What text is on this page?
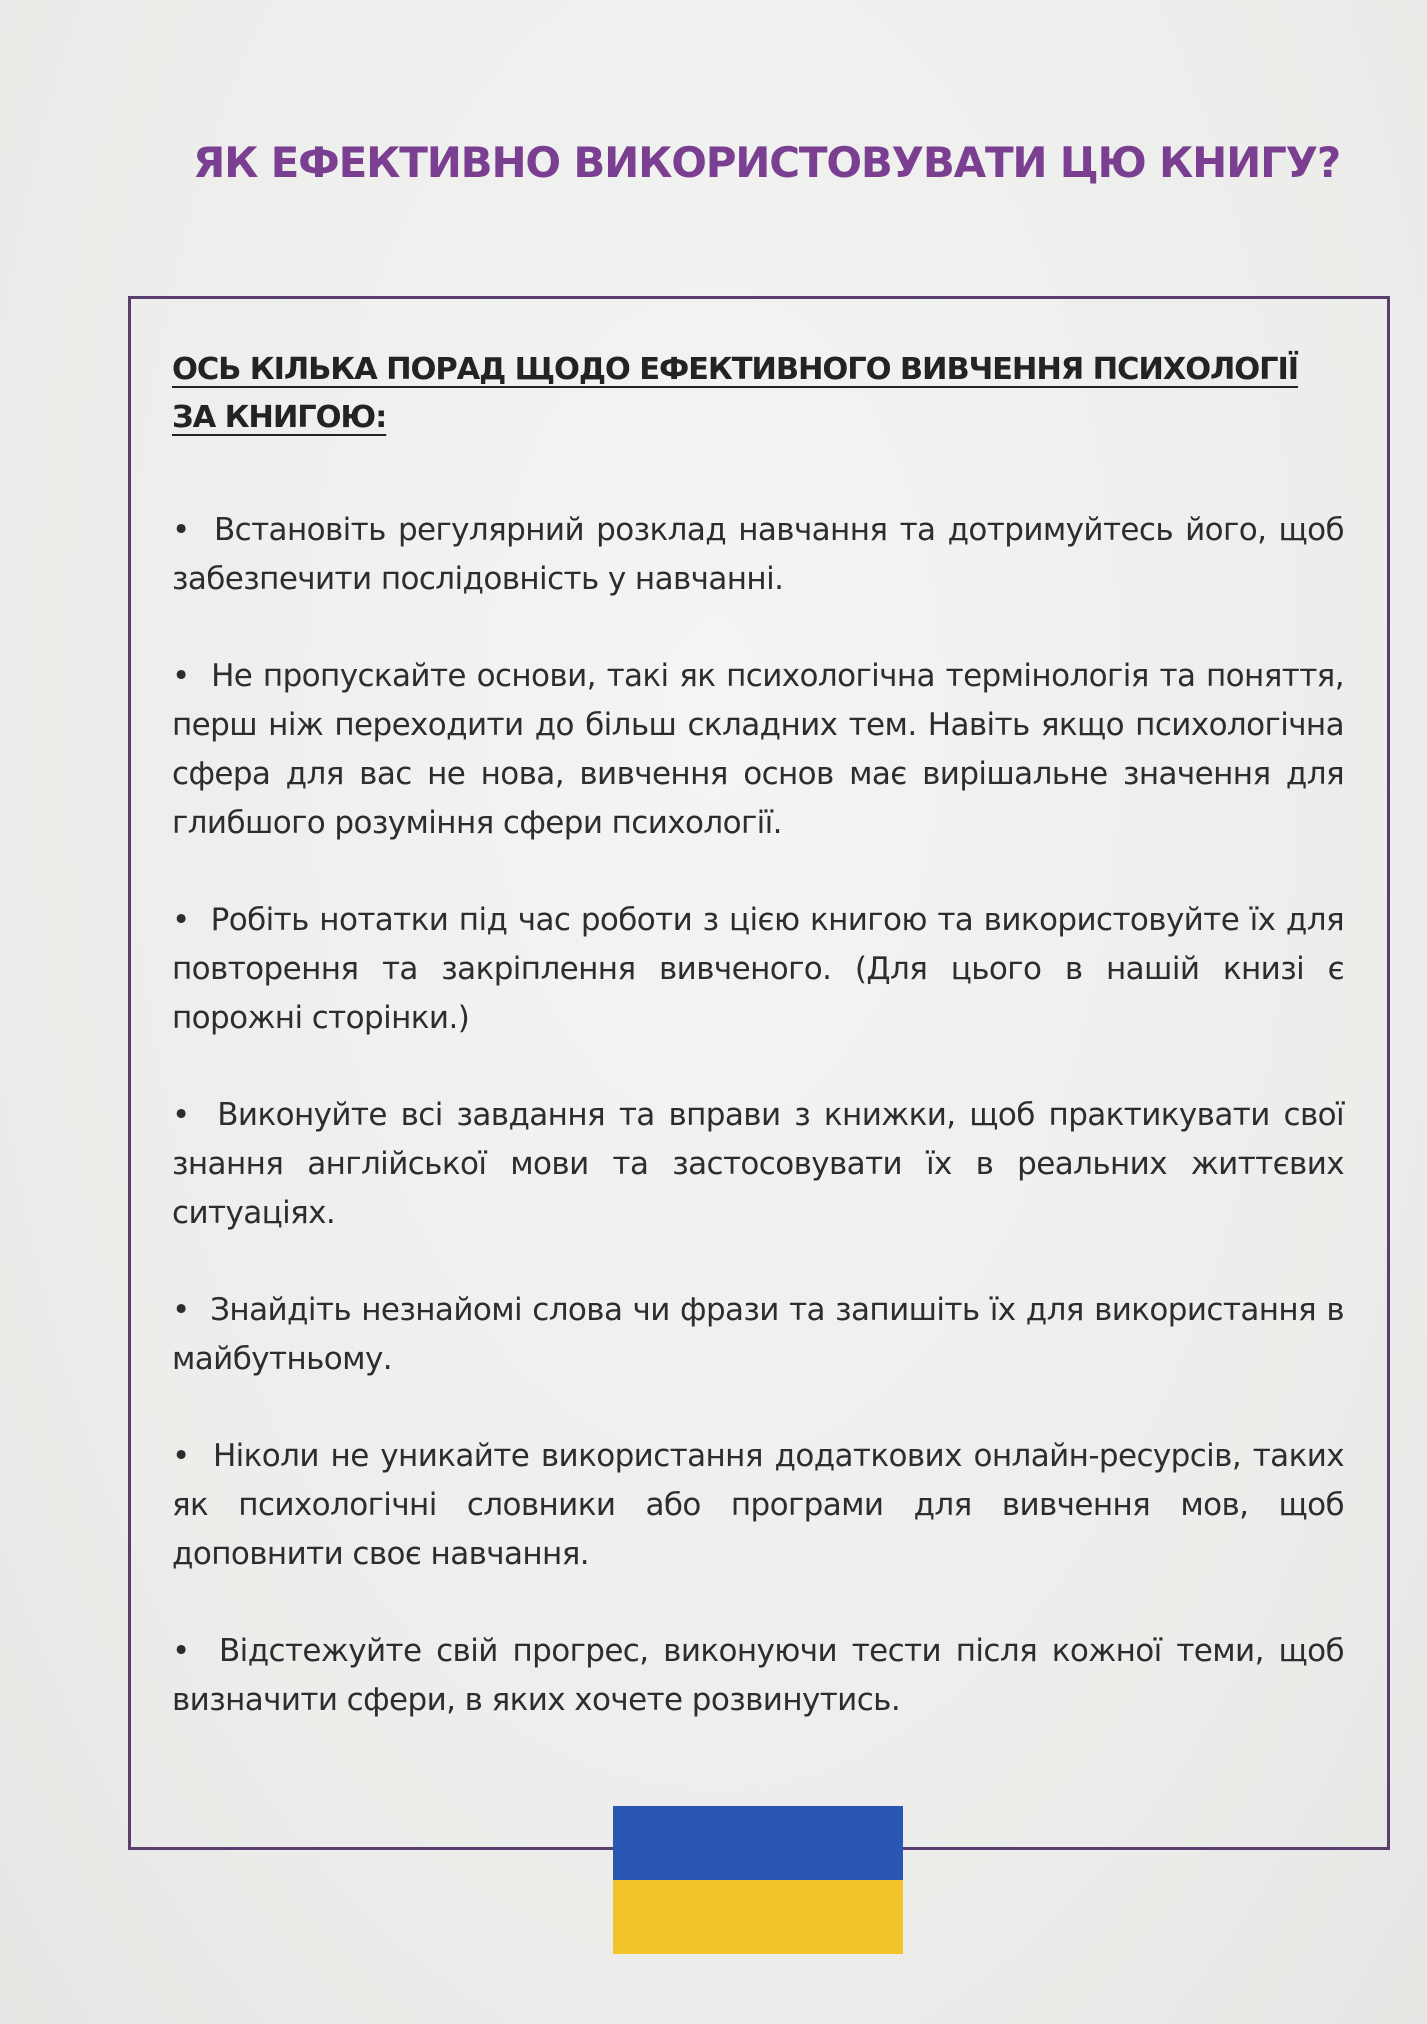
ЯК ЕФЕКТИВНО ВИКОРИСТОВУВАТИ ЦЮ КНИГУ?

ОСЬ КІЛЬКА ПОРАД ЩОДО ЕФЕКТИВНОГО ВИВЧЕННЯ ПСИХОЛОГІЇ ЗА КНИГОЮ:

•  Встановіть регулярний розклад навчання та дотримуйтесь його, щоб забезпечити послідовність у навчанні.

•  Не пропускайте основи, такі як психологічна термінологія та поняття, перш ніж переходити до більш складних тем. Навіть якщо психологічна сфера для вас не нова, вивчення основ має вирішальне значення для глибшого розуміння сфери психології.

•  Робіть нотатки під час роботи з цією книгою та використовуйте їх для повторення та закріплення вивченого. (Для цього в нашій книзі є порожні сторінки.)

•  Виконуйте всі завдання та вправи з книжки, щоб практикувати свої знання англійської мови та застосовувати їх в реальних життєвих ситуаціях.

•  Знайдіть незнайомі слова чи фрази та запишіть їх для використання в майбутньому.

•  Ніколи не уникайте використання додаткових онлайн-ресурсів, таких як психологічні словники або програми для вивчення мов, щоб доповнити своє навчання.

•  Відстежуйте свій прогрес, виконуючи тести після кожної теми, щоб визначити сфери, в яких хочете розвинутись.
